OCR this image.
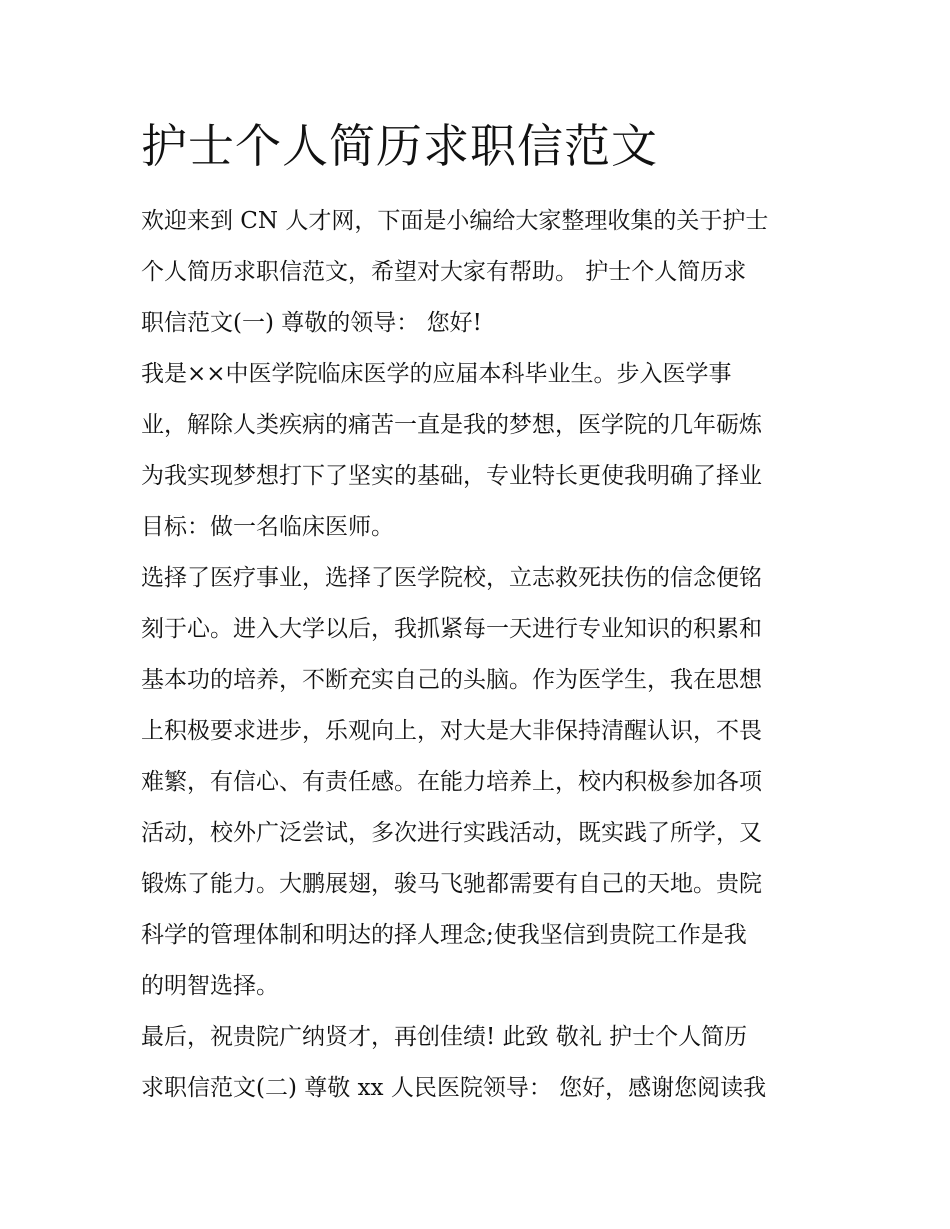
护士个人简历求职信范文

欢迎来到 CN 人才网，下面是小编给大家整理收集的关于护士
个人简历求职信范文，希望对大家有帮助。 护士个人简历求
职信范文(一) 尊敬的领导： 您好!

我是××中医学院临床医学的应届本科毕业生。步入医学事
业，解除人类疾病的痛苦一直是我的梦想，医学院的几年砺炼
为我实现梦想打下了坚实的基础，专业特长更使我明确了择业
目标：做一名临床医师。

选择了医疗事业，选择了医学院校，立志救死扶伤的信念便铭
刻于心。进入大学以后，我抓紧每一天进行专业知识的积累和
基本功的培养，不断充实自己的头脑。作为医学生，我在思想
上积极要求进步，乐观向上，对大是大非保持清醒认识，不畏
难繁，有信心、有责任感。在能力培养上，校内积极参加各项
活动，校外广泛尝试，多次进行实践活动，既实践了所学，又
锻炼了能力。大鹏展翅，骏马飞驰都需要有自己的天地。贵院
科学的管理体制和明达的择人理念;使我坚信到贵院工作是我
的明智选择。

最后，祝贵院广纳贤才，再创佳绩! 此致 敬礼 护士个人简历
求职信范文(二) 尊敬 xx 人民医院领导： 您好，感谢您阅读我
